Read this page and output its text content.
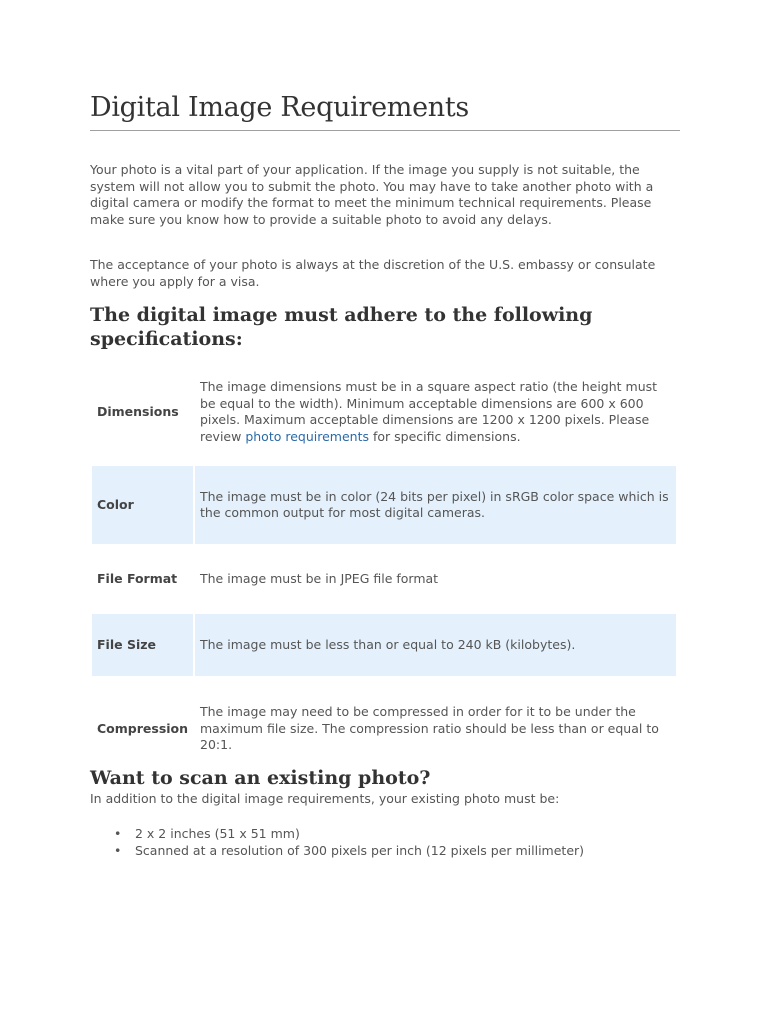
Digital Image Requirements

Your photo is a vital part of your application. If the image you supply is not suitable, the system will not allow you to submit the photo. You may have to take another photo with a digital camera or modify the format to meet the minimum technical requirements. Please make sure you know how to provide a suitable photo to avoid any delays.

The acceptance of your photo is always at the discretion of the U.S. embassy or consulate where you apply for a visa.

The digital image must adhere to the following specifications:
Dimensions	The image dimensions must be in a square aspect ratio (the height must be equal to the width). Minimum acceptable dimensions are 600 x 600 pixels. Maximum acceptable dimensions are 1200 x 1200 pixels. Please review photo requirements for specific dimensions.

Color	The image must be in color (24 bits per pixel) in sRGB color space which is the common output for most digital cameras.

File Format	The image must be in JPEG file format

File Size	The image must be less than or equal to 240 kB (kilobytes).

Compression	The image may need to be compressed in order for it to be under the maximum file size. The compression ratio should be less than or equal to 20:1.
Want to scan an existing photo?

In addition to the digital image requirements, your existing photo must be:

• 2 x 2 inches (51 x 51 mm)
• Scanned at a resolution of 300 pixels per inch (12 pixels per millimeter)
